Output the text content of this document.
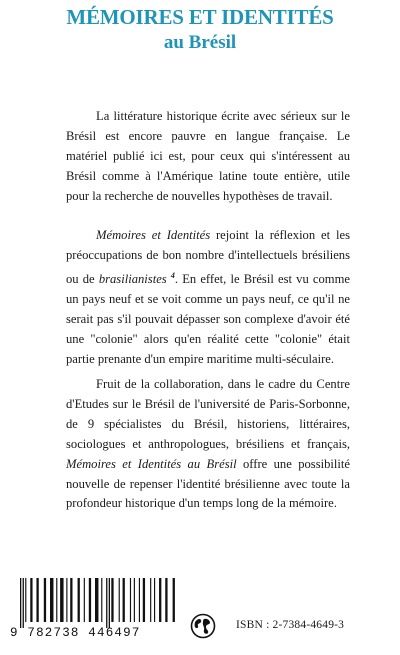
MÉMOIRES ET IDENTITÉS
au Brésil

La littérature historique écrite avec sérieux sur le Brésil est encore pauvre en langue française. Le matériel publié ici est, pour ceux qui s'intéressent au Brésil comme à l'Amérique latine toute entière, utile pour la recherche de nouvelles hypothèses de travail.

Mémoires et Identités rejoint la réflexion et les préoccupations de bon nombre d'intellectuels brésiliens ou de brasilianistes $^4$. En effet, le Brésil est vu comme un pays neuf et se voit comme un pays neuf, ce qu'il ne serait pas s'il pouvait dépasser son complexe d'avoir été une "colonie" alors qu'en réalité cette "colonie" était partie prenante d'un empire maritime multi-séculaire.

Fruit de la collaboration, dans le cadre du Centre d'Etudes sur le Brésil de l'université de Paris-Sorbonne, de 9 spécialistes du Brésil, historiens, littéraires, sociologues et anthropologues, brésiliens et français, Mémoires et Identités au Brésil offre une possibilité nouvelle de repenser l'identité brésilienne avec toute la profondeur historique d'un temps long de la mémoire.

9 782738 446497
ISBN : 2-7384-4649-3
